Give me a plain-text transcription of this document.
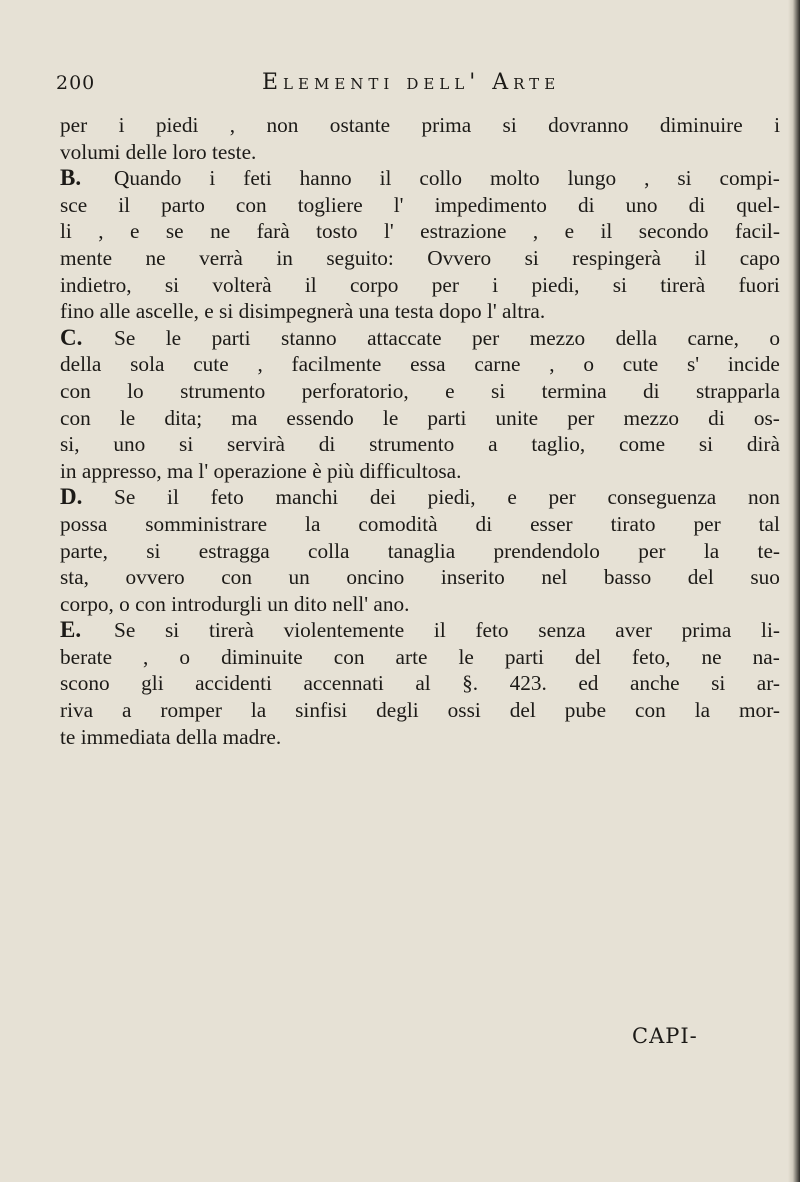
200	Elementi dell' Arte
per i piedi , non ostante prima si dovranno diminuire i
volumi delle loro teste.
B. Quando i feti hanno il collo molto lungo , si compi-
sce il parto con togliere l' impedimento di uno di quel-
li , e se ne farà tosto l' estrazione , e il secondo facil-
mente ne verrà in seguito: Ovvero si respingerà il capo
indietro, si volterà il corpo per i piedi, si tirerà fuori
fino alle ascelle, e si disimpegnerà una testa dopo l' altra.
C. Se le parti stanno attaccate per mezzo della carne, o
della sola cute , facilmente essa carne , o cute s' incide
con lo strumento perforatorio, e si termina di strapparla
con le dita; ma essendo le parti unite per mezzo di os-
si, uno si servirà di strumento a taglio, come si dirà
in appresso, ma l' operazione è più difficultosa.
D. Se il feto manchi dei piedi, e per conseguenza non
possa somministrare la comodità di esser tirato per tal
parte, si estragga colla tanaglia prendendolo per la te-
sta, ovvero con un oncino inserito nel basso del suo
corpo, o con introdurgli un dito nell' ano.
E. Se si tirerà violentemente il feto senza aver prima li-
berate , o diminuite con arte le parti del feto, ne na-
scono gli accidenti accennati al §. 423. ed anche si ar-
riva a romper la sinfisi degli ossi del pube con la mor-
te immediata della madre.
CAPI-
